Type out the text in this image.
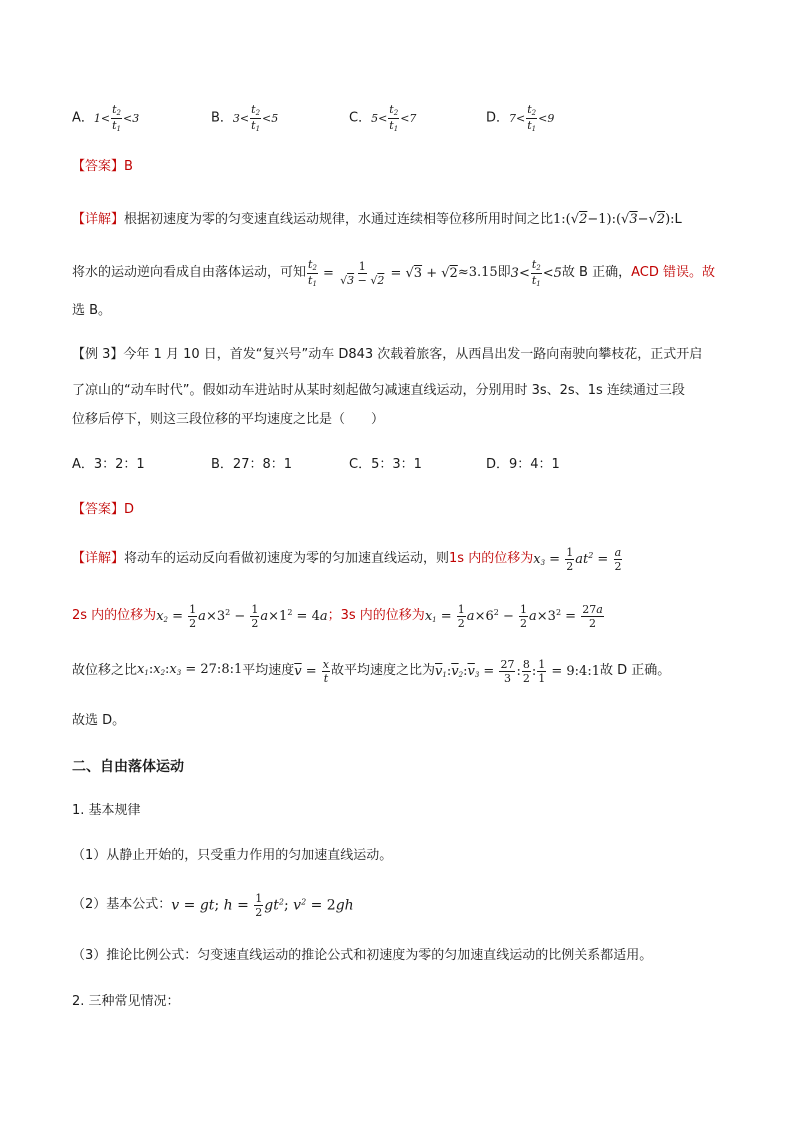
A．$1< \frac{t_2}{t_1} <3$	B．$3< \frac{t_2}{t_1} <5$	C．$5< \frac{t_2}{t_1} <7$	D．$7< \frac{t_2}{t_1} <9$
【答案】B
【详解】根据初速度为零的匀变速直线运动规律，水通过连续相等位移所用时间之比1:(√2−1):(√3−√2):L
将水的运动逆向看成自由落体运动，可知 $\frac{t_2}{t_1} = \frac{1}{√3 - √2} = √3 + √2 \approx 3.15$ 即 $3< \frac{t_2}{t_1} <5$ 故 B 正确， ACD 错误。故
选 B。
【例 3】今年 1 月 10 日，首发“复兴号”动车 D843 次载着旅客，从西昌出发一路向南驶向攀枝花，正式开启
了凉山的“动车时代”。假如动车进站时从某时刻起做匀减速直线运动，分别用时 3s、2s、1s 连续通过三段
位移后停下，则这三段位移的平均速度之比是（　　）
A．3：2：1	B．27：8：1	C．5：3：1	D．9：4：1
【答案】D
【详解】 将动车的运动反向看做初速度为零的匀加速直线运动，则 1s 内的位移为 $x_3 = \frac{1}{2} at^2 = \frac{a}{2}$
2s 内的位移为 $x_2 = \frac{1}{2} a\times 3^2 - \frac{1}{2} a\times 1^2 = 4a$ ； 3s 内的位移为 $x_1 = \frac{1}{2} a\times 6^2 - \frac{1}{2} a\times 3^2 = \frac{27a}{2}$
故位移之比 $x_1:x_2:x_3$ = 27:8:1 平均速度 $\overline{v} = \frac{x}{t}$ 故平均速度之比为 $\overline{v}_1:\overline{v}_2:\overline{v}_3 = \frac{27}{3}$ : $\frac{8}{2}$ : $\frac{1}{1}$ = 9:4:1 故 D 正确。
故选 D。
二、自由落体运动
1. 基本规律
（1）从静止开始的，只受重力作用的匀加速直线运动。
（2）基本公式： v = gt; $h = \frac{1}{2} gt^2$; $v^2 = 2gh$
（3）推论比例公式：匀变速直线运动的推论公式和初速度为零的匀加速直线运动的比例关系都适用。
2. 三种常见情况：
